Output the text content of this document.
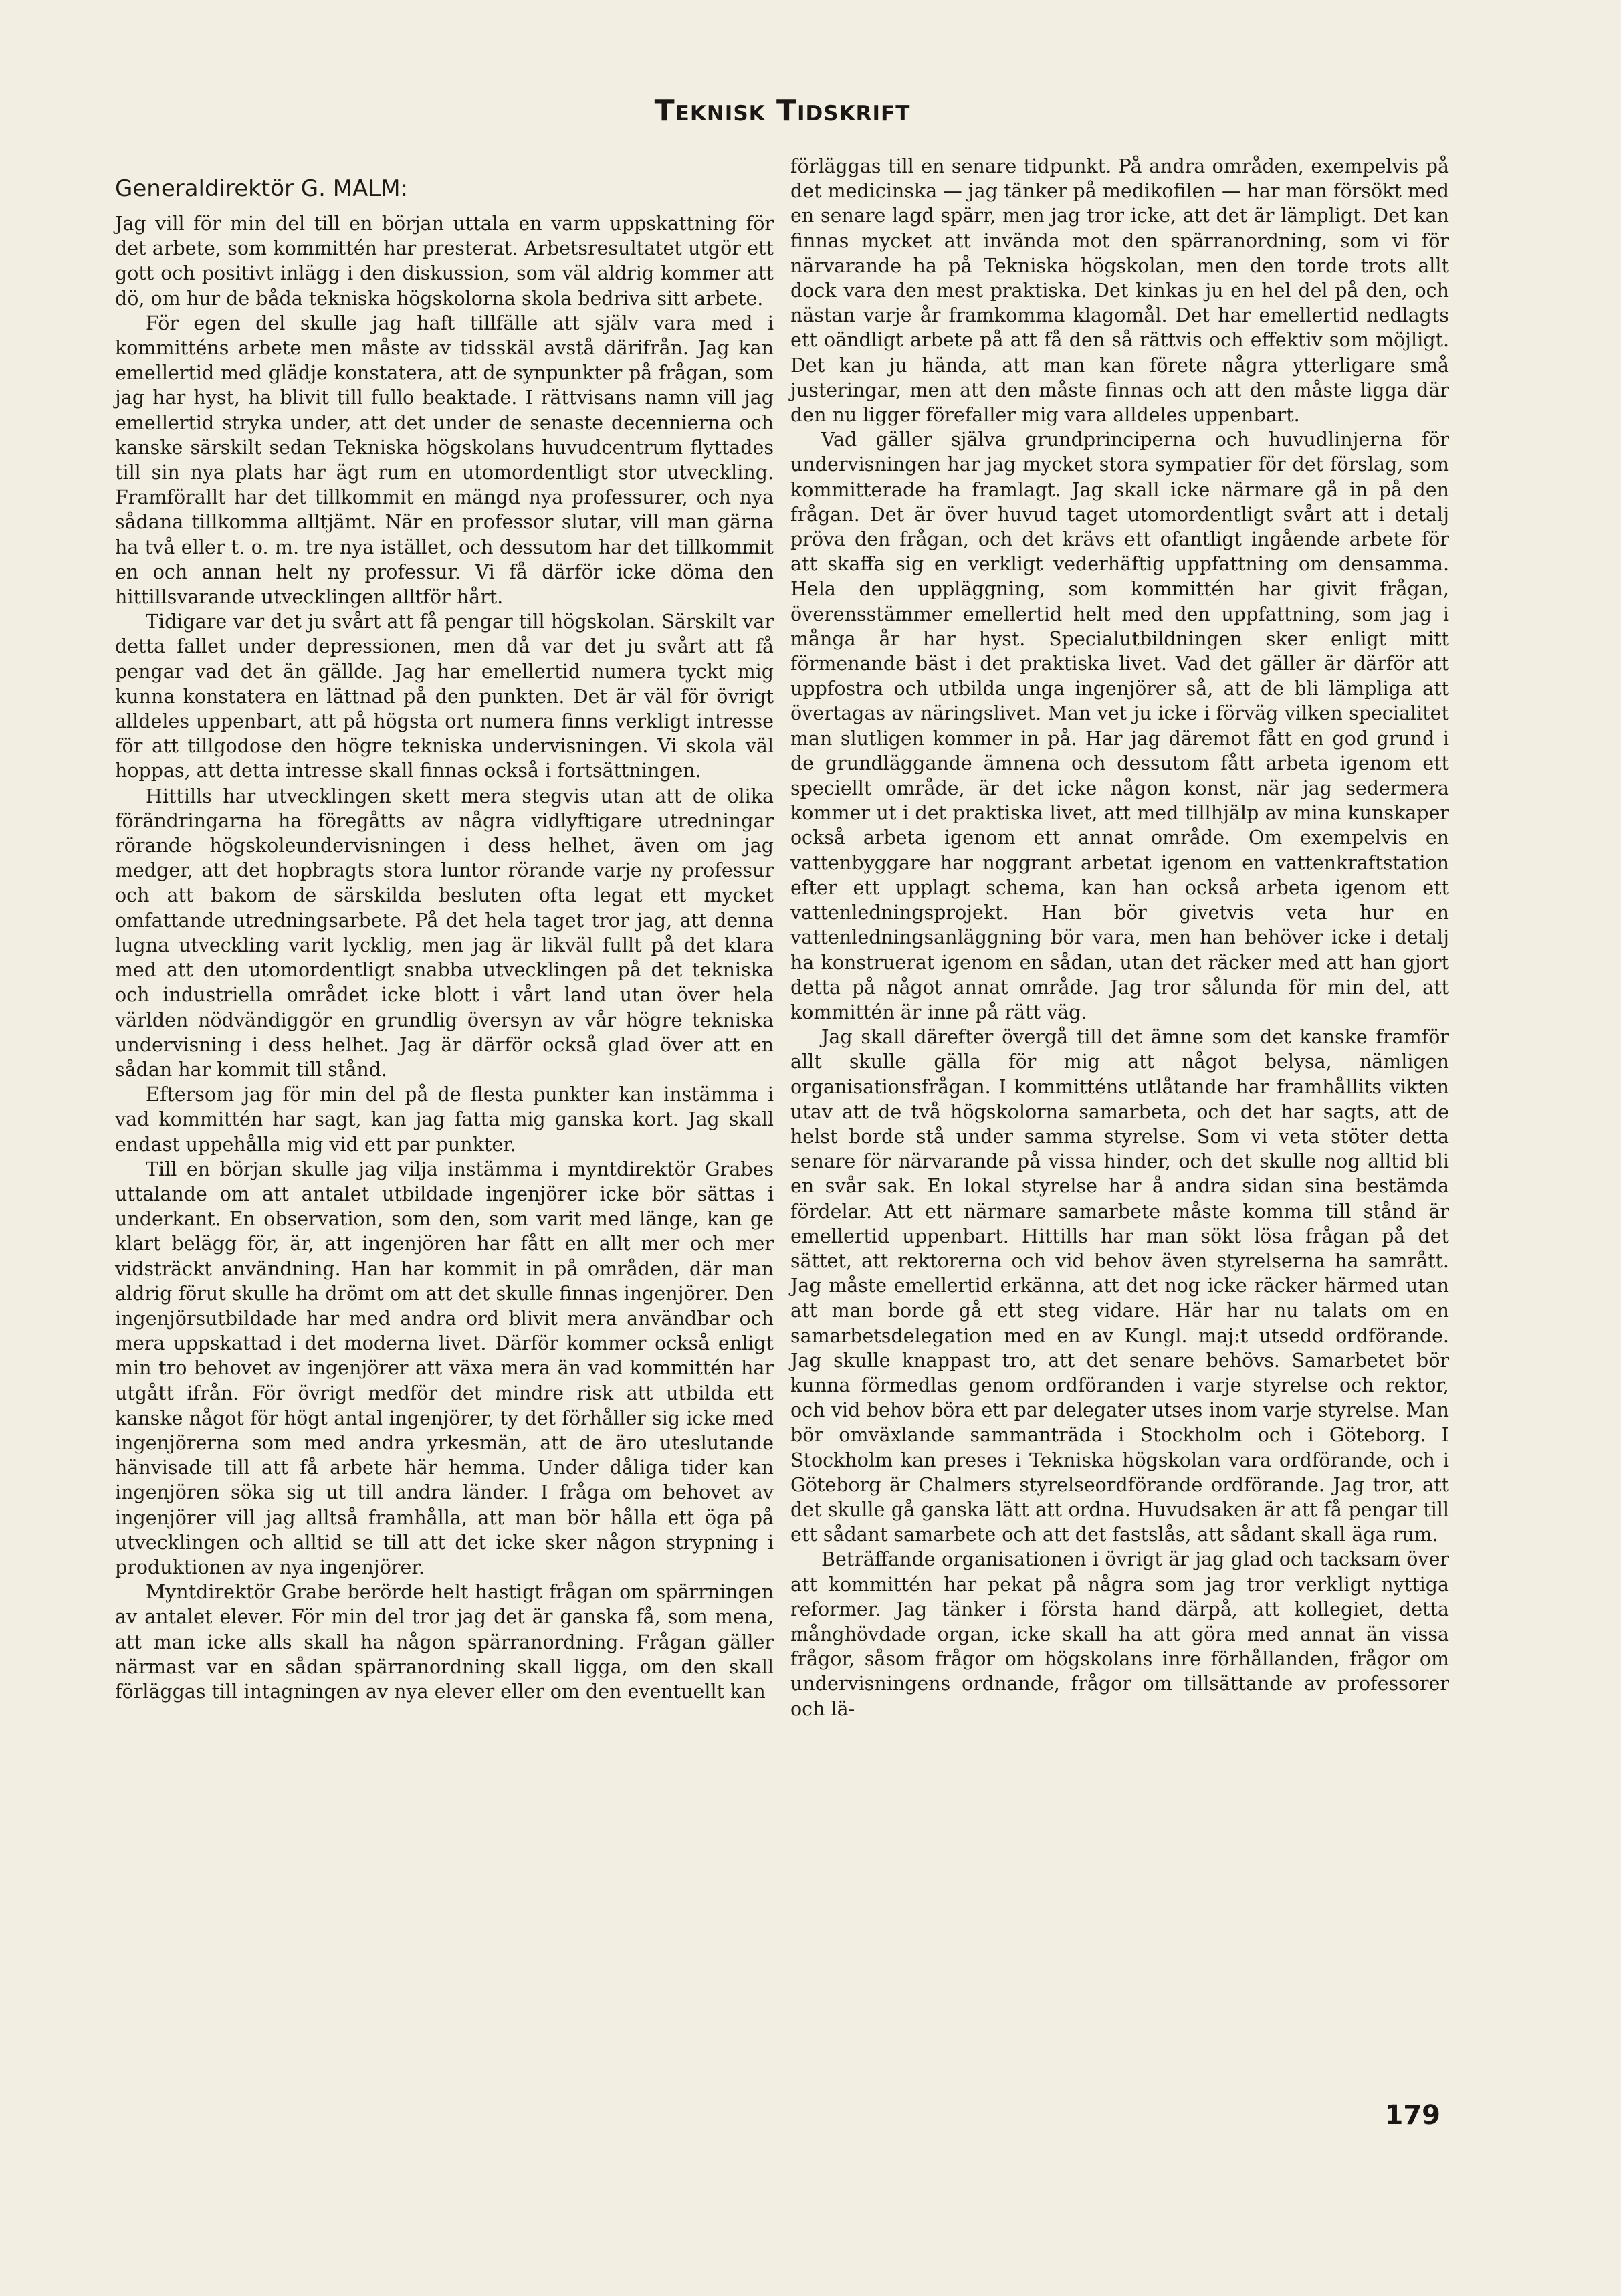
Teknisk Tidskrift
Generaldirektör G. MALM:

Jag vill för min del till en början uttala en varm uppskattning för det arbete, som kommittén har presterat. Arbetsresultatet utgör ett gott och positivt inlägg i den diskussion, som väl aldrig kommer att dö, om hur de båda tekniska högskolorna skola bedriva sitt arbete.

För egen del skulle jag haft tillfälle att själv vara med i kommitténs arbete men måste av tidsskäl avstå därifrån. Jag kan emellertid med glädje konstatera, att de synpunkter på frågan, som jag har hyst, ha blivit till fullo beaktade. I rättvisans namn vill jag emellertid stryka under, att det under de senaste decennierna och kanske särskilt sedan Tekniska högskolans huvudcentrum flyttades till sin nya plats har ägt rum en utomordentligt stor utveckling. Framförallt har det tillkommit en mängd nya professurer, och nya sådana tillkomma alltjämt. När en professor slutar, vill man gärna ha två eller t. o. m. tre nya istället, och dessutom har det tillkommit en och annan helt ny professur. Vi få därför icke döma den hittillsvarande utvecklingen alltför hårt.

Tidigare var det ju svårt att få pengar till högskolan. Särskilt var detta fallet under depressionen, men då var det ju svårt att få pengar vad det än gällde. Jag har emellertid numera tyckt mig kunna konstatera en lättnad på den punkten. Det är väl för övrigt alldeles uppenbart, att på högsta ort numera finns verkligt intresse för att tillgodose den högre tekniska undervisningen. Vi skola väl hoppas, att detta intresse skall finnas också i fortsättningen.

Hittills har utvecklingen skett mera stegvis utan att de olika förändringarna ha föregåtts av några vidlyftigare utredningar rörande högskoleundervisningen i dess helhet, även om jag medger, att det hopbragts stora luntor rörande varje ny professur och att bakom de särskilda besluten ofta legat ett mycket omfattande utredningsarbete. På det hela taget tror jag, att denna lugna utveckling varit lycklig, men jag är likväl fullt på det klara med att den utomordentligt snabba utvecklingen på det tekniska och industriella området icke blott i vårt land utan över hela världen nödvändiggör en grundlig översyn av vår högre tekniska undervisning i dess helhet. Jag är därför också glad över att en sådan har kommit till stånd.

Eftersom jag för min del på de flesta punkter kan instämma i vad kommittén har sagt, kan jag fatta mig ganska kort. Jag skall endast uppehålla mig vid ett par punkter.

Till en början skulle jag vilja instämma i myntdirektör Grabes uttalande om att antalet utbildade ingenjörer icke bör sättas i underkant. En observation, som den, som varit med länge, kan ge klart belägg för, är, att ingenjören har fått en allt mer och mer vidsträckt användning. Han har kommit in på områden, där man aldrig förut skulle ha drömt om att det skulle finnas ingenjörer. Den ingenjörsutbildade har med andra ord blivit mera användbar och mera uppskattad i det moderna livet. Därför kommer också enligt min tro behovet av ingenjörer att växa mera än vad kommittén har utgått ifrån. För övrigt medför det mindre risk att utbilda ett kanske något för högt antal ingenjörer, ty det förhåller sig icke med ingenjörerna som med andra yrkesmän, att de äro uteslutande hänvisade till att få arbete här hemma. Under dåliga tider kan ingenjören söka sig ut till andra länder. I fråga om behovet av ingenjörer vill jag alltså framhålla, att man bör hålla ett öga på utvecklingen och alltid se till att det icke sker någon strypning i produktionen av nya ingenjörer.

Myntdirektör Grabe berörde helt hastigt frågan om spärrningen av antalet elever. För min del tror jag det är ganska få, som mena, att man icke alls skall ha någon spärranordning. Frågan gäller närmast var en sådan spärranordning skall ligga, om den skall förläggas till intagningen av nya elever eller om den eventuellt kan

förläggas till en senare tidpunkt. På andra områden, exempelvis på det medicinska — jag tänker på medikofilen — har man försökt med en senare lagd spärr, men jag tror icke, att det är lämpligt. Det kan finnas mycket att invända mot den spärranordning, som vi för närvarande ha på Tekniska högskolan, men den torde trots allt dock vara den mest praktiska. Det kinkas ju en hel del på den, och nästan varje år framkomma klagomål. Det har emellertid nedlagts ett oändligt arbete på att få den så rättvis och effektiv som möjligt. Det kan ju hända, att man kan förete några ytterligare små justeringar, men att den måste finnas och att den måste ligga där den nu ligger förefaller mig vara alldeles uppenbart.

Vad gäller själva grundprinciperna och huvudlinjerna för undervisningen har jag mycket stora sympatier för det förslag, som kommitterade ha framlagt. Jag skall icke närmare gå in på den frågan. Det är över huvud taget utomordentligt svårt att i detalj pröva den frågan, och det krävs ett ofantligt ingående arbete för att skaffa sig en verkligt vederhäftig uppfattning om densamma. Hela den uppläggning, som kommittén har givit frågan, överensstämmer emellertid helt med den uppfattning, som jag i många år har hyst. Specialutbildningen sker enligt mitt förmenande bäst i det praktiska livet. Vad det gäller är därför att uppfostra och utbilda unga ingenjörer så, att de bli lämpliga att övertagas av näringslivet. Man vet ju icke i förväg vilken specialitet man slutligen kommer in på. Har jag däremot fått en god grund i de grundläggande ämnena och dessutom fått arbeta igenom ett speciellt område, är det icke någon konst, när jag sedermera kommer ut i det praktiska livet, att med tillhjälp av mina kunskaper också arbeta igenom ett annat område. Om exempelvis en vattenbyggare har noggrant arbetat igenom en vattenkraftstation efter ett upplagt schema, kan han också arbeta igenom ett vattenledningsprojekt. Han bör givetvis veta hur en vattenledningsanläggning bör vara, men han behöver icke i detalj ha konstruerat igenom en sådan, utan det räcker med att han gjort detta på något annat område. Jag tror sålunda för min del, att kommittén är inne på rätt väg.

Jag skall därefter övergå till det ämne som det kanske framför allt skulle gälla för mig att något belysa, nämligen organisationsfrågan. I kommitténs utlåtande har framhållits vikten utav att de två högskolorna samarbeta, och det har sagts, att de helst borde stå under samma styrelse. Som vi veta stöter detta senare för närvarande på vissa hinder, och det skulle nog alltid bli en svår sak. En lokal styrelse har å andra sidan sina bestämda fördelar. Att ett närmare samarbete måste komma till stånd är emellertid uppenbart. Hittills har man sökt lösa frågan på det sättet, att rektorerna och vid behov även styrelserna ha samrått. Jag måste emellertid erkänna, att det nog icke räcker härmed utan att man borde gå ett steg vidare. Här har nu talats om en samarbetsdelegation med en av Kungl. maj:t utsedd ordförande. Jag skulle knappast tro, att det senare behövs. Samarbetet bör kunna förmedlas genom ordföranden i varje styrelse och rektor, och vid behov böra ett par delegater utses inom varje styrelse. Man bör omväxlande sammanträda i Stockholm och i Göteborg. I Stockholm kan preses i Tekniska högskolan vara ordförande, och i Göteborg är Chalmers styrelseordförande ordförande. Jag tror, att det skulle gå ganska lätt att ordna. Huvudsaken är att få pengar till ett sådant samarbete och att det fastslås, att sådant skall äga rum.

Beträffande organisationen i övrigt är jag glad och tacksam över att kommittén har pekat på några som jag tror verkligt nyttiga reformer. Jag tänker i första hand därpå, att kollegiet, detta månghövdade organ, icke skall ha att göra med annat än vissa frågor, såsom frågor om högskolans inre förhållanden, frågor om undervisningens ordnande, frågor om tillsättande av professorer och lä-

179
